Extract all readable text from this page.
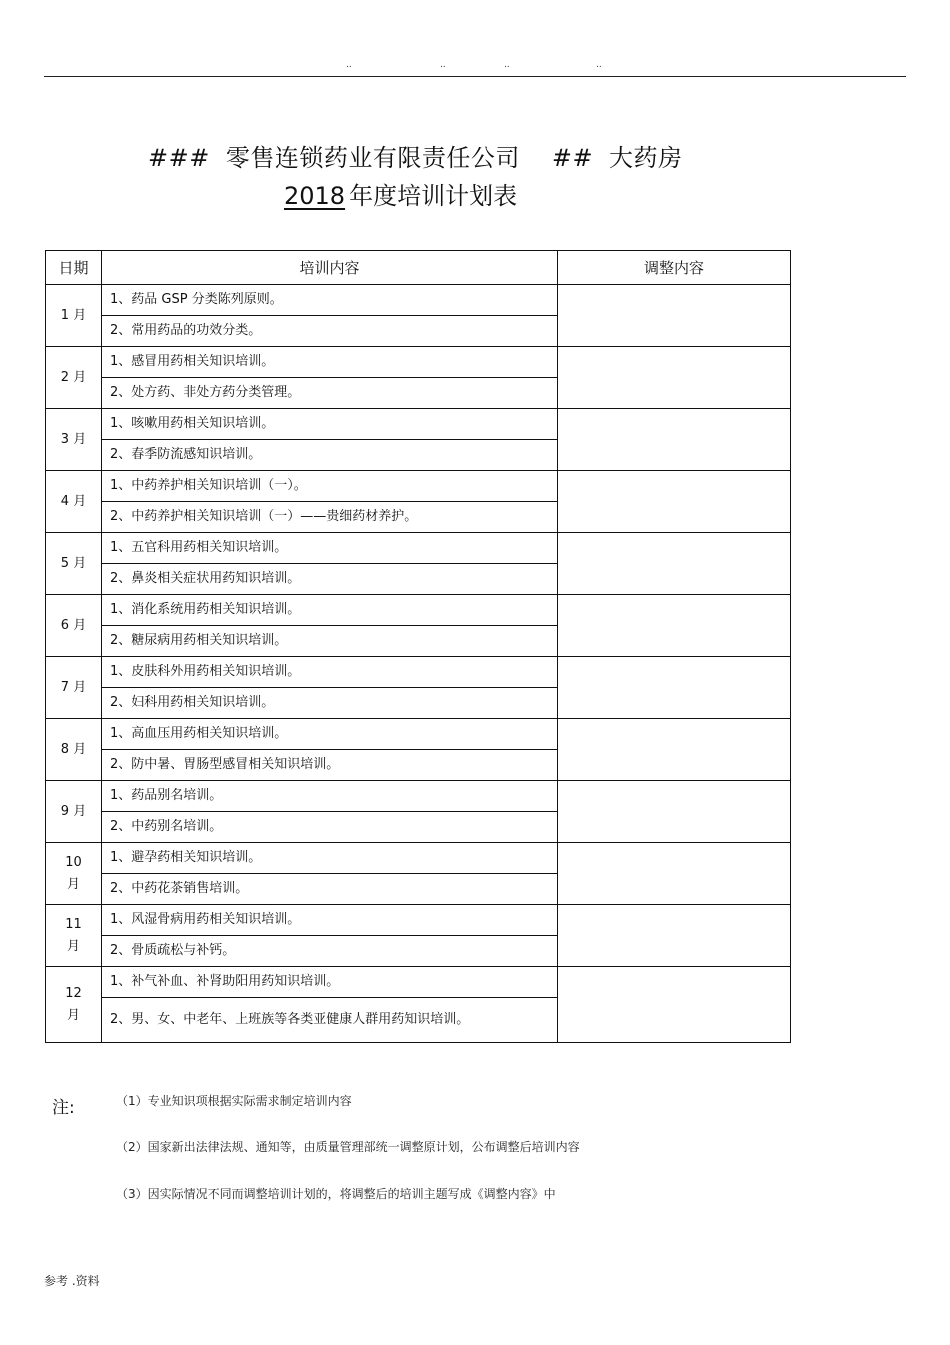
..	..	..	..
### 零售连锁药业有限责任公司 ## 大药房
2018 年度培训计划表
日期	培训内容	调整内容
1 月	1、药品 GSP 分类陈列原则。	
	2、常用药品的功效分类。	
2 月	1、感冒用药相关知识培训。	
	2、处方药、非处方药分类管理。	
3 月	1、咳嗽用药相关知识培训。	
	2、春季防流感知识培训。	
4 月	1、中药养护相关知识培训（一）。	
	2、中药养护相关知识培训（一）——贵细药材养护。	
5 月	1、五官科用药相关知识培训。	
	2、鼻炎相关症状用药知识培训。	
6 月	1、消化系统用药相关知识培训。	
	2、糖尿病用药相关知识培训。	
7 月	1、皮肤科外用药相关知识培训。	
	2、妇科用药相关知识培训。	
8 月	1、高血压用药相关知识培训。	
	2、防中暑、胃肠型感冒相关知识培训。	
9 月	1、药品别名培训。	
	2、中药别名培训。	
10
月	1、避孕药相关知识培训。	
	2、中药花茶销售培训。	
11
月	1、风湿骨病用药相关知识培训。	
	2、骨质疏松与补钙。	
12
月	1、补气补血、补肾助阳用药知识培训。	
	2、男、女、中老年、上班族等各类亚健康人群用药知识培训。	
注:	（1）专业知识项根据实际需求制定培训内容
（2）国家新出法律法规、通知等，由质量管理部统一调整原计划，公布调整后培训内容
（3）因实际情况不同而调整培训计划的，将调整后的培训主题写成《调整内容》中
参考 .资料
